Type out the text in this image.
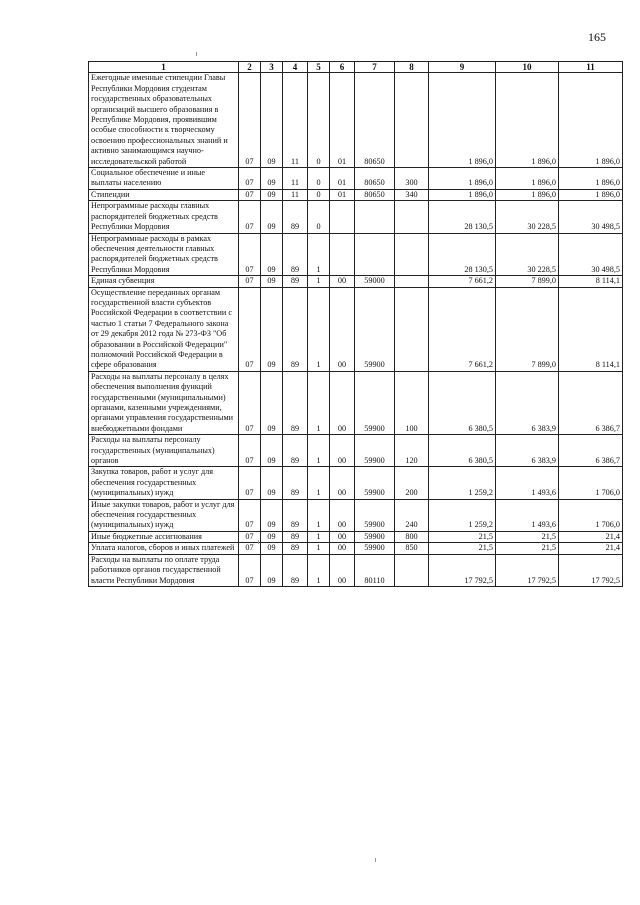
165
1	2	3	4	5	6	7	8	9	10	11
Ежегодные именные стипендии Главы Республики Мордовия студентам государственных образовательных организаций высшего образования в Республике Мордовия, проявившим особые способности к творческому освоению профессиональных знаний и активно занимающимся научно-исследовательской работой	07	09	11	0	01	80650		1 896,0	1 896,0	1 896,0
Социальное обеспечение и иные выплаты населению	07	09	11	0	01	80650	300	1 896,0	1 896,0	1 896,0
Стипендии	07	09	11	0	01	80650	340	1 896,0	1 896,0	1 896,0
Непрограммные расходы главных распорядителей бюджетных средств Республики Мордовия	07	09	89	0				28 130,5	30 228,5	30 498,5
Непрограммные расходы в рамках обеспечения деятельности главных распорядителей бюджетных средств Республики Мордовия	07	09	89	1				28 130,5	30 228,5	30 498,5
Единая субвенция	07	09	89	1	00	59000		7 661,2	7 899,0	8 114,1
Осуществление переданных органам государственной власти субъектов Российской Федерации в соответствии с частью 1 статьи 7 Федерального закона от 29 декабря 2012 года № 273-ФЗ "Об образовании в Российской Федерации" полномочий Российской Федерации в сфере образования	07	09	89	1	00	59900		7 661,2	7 899,0	8 114,1
Расходы на выплаты персоналу в целях обеспечения выполнения функций государственными (муниципальными) органами, казенными учреждениями, органами управления государственными внебюджетными фондами	07	09	89	1	00	59900	100	6 380,5	6 383,9	6 386,7
Расходы на выплаты персоналу государственных (муниципальных) органов	07	09	89	1	00	59900	120	6 380,5	6 383,9	6 386,7
Закупка товаров, работ и услуг для обеспечения государственных (муниципальных) нужд	07	09	89	1	00	59900	200	1 259,2	1 493,6	1 706,0
Иные закупки товаров, работ и услуг для обеспечения государственных (муниципальных) нужд	07	09	89	1	00	59900	240	1 259,2	1 493,6	1 706,0
Иные бюджетные ассигнования	07	09	89	1	00	59900	800	21,5	21,5	21,4
Уплата налогов, сборов и иных платежей	07	09	89	1	00	59900	850	21,5	21,5	21,4
Расходы на выплаты по оплате труда работников органов государственной власти Республики Мордовия	07	09	89	1	00	80110		17 792,5	17 792,5	17 792,5
